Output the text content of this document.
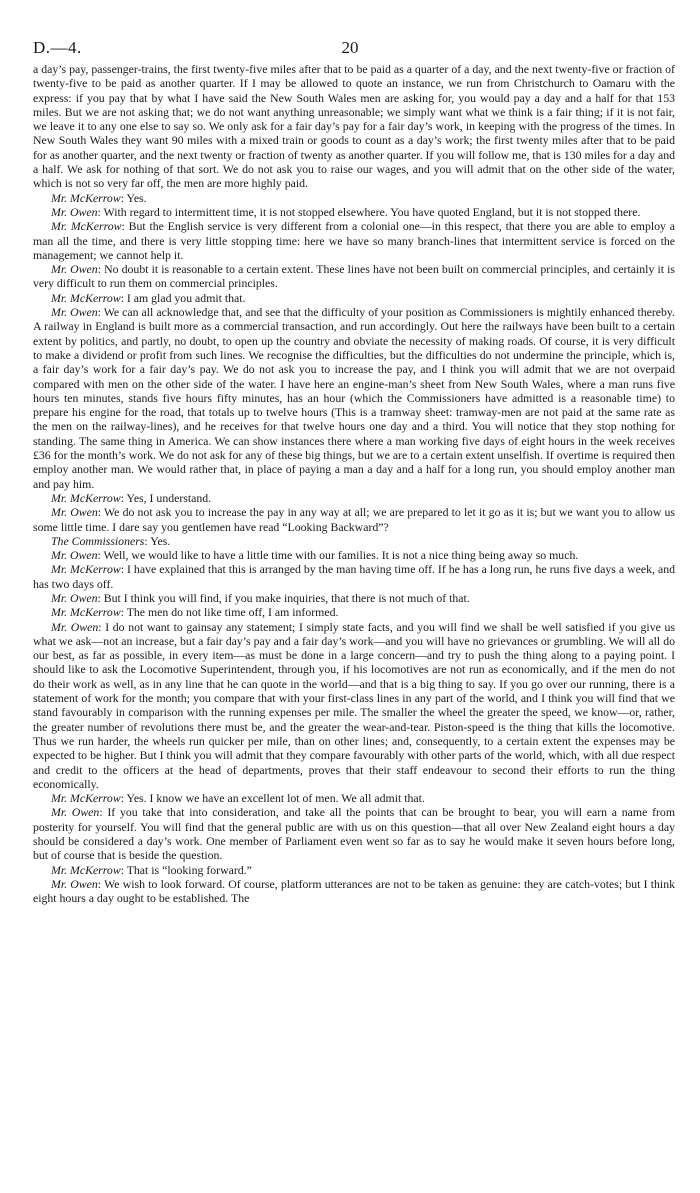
D.—4.	20

a day’s pay, passenger-trains, the first twenty-five miles after that to be paid as a quarter of a day, and the next twenty-five or fraction of twenty-five to be paid as another quarter. If I may be allowed to quote an instance, we run from Christchurch to Oamaru with the express: if you pay that by what I have said the New South Wales men are asking for, you would pay a day and a half for that 153 miles. But we are not asking that; we do not want anything unreasonable; we simply want what we think is a fair thing; if it is not fair, we leave it to any one else to say so. We only ask for a fair day’s pay for a fair day’s work, in keeping with the progress of the times. In New South Wales they want 90 miles with a mixed train or goods to count as a day’s work; the first twenty miles after that to be paid for as another quarter, and the next twenty or fraction of twenty as another quarter. If you will follow me, that is 130 miles for a day and a half. We ask for nothing of that sort. We do not ask you to raise our wages, and you will admit that on the other side of the water, which is not so very far off, the men are more highly paid.

Mr. McKerrow: Yes.

Mr. Owen: With regard to intermittent time, it is not stopped elsewhere. You have quoted England, but it is not stopped there.

Mr. McKerrow: But the English service is very different from a colonial one—in this respect, that there you are able to employ a man all the time, and there is very little stopping time: here we have so many branch-lines that intermittent service is forced on the management; we cannot help it.

Mr. Owen: No doubt it is reasonable to a certain extent. These lines have not been built on commercial principles, and certainly it is very difficult to run them on commercial principles.

Mr. McKerrow: I am glad you admit that.

Mr. Owen: We can all acknowledge that, and see that the difficulty of your position as Commissioners is mightily enhanced thereby. A railway in England is built more as a commercial transaction, and run accordingly. Out here the railways have been built to a certain extent by politics, and partly, no doubt, to open up the country and obviate the necessity of making roads. Of course, it is very difficult to make a dividend or profit from such lines. We recognise the difficulties, but the difficulties do not undermine the principle, which is, a fair day’s work for a fair day’s pay. We do not ask you to increase the pay, and I think you will admit that we are not overpaid compared with men on the other side of the water. I have here an engine-man’s sheet from New South Wales, where a man runs five hours ten minutes, stands five hours fifty minutes, has an hour (which the Commissioners have admitted is a reasonable time) to prepare his engine for the road, that totals up to twelve hours (This is a tramway sheet: tramway-men are not paid at the same rate as the men on the railway-lines), and he receives for that twelve hours one day and a third. You will notice that they stop nothing for standing. The same thing in America. We can show instances there where a man working five days of eight hours in the week receives £36 for the month’s work. We do not ask for any of these big things, but we are to a certain extent unselfish. If overtime is required then employ another man. We would rather that, in place of paying a man a day and a half for a long run, you should employ another man and pay him.

Mr. McKerrow: Yes, I understand.

Mr. Owen: We do not ask you to increase the pay in any way at all; we are prepared to let it go as it is; but we want you to allow us some little time. I dare say you gentlemen have read “Looking Backward”?

The Commissioners: Yes.

Mr. Owen: Well, we would like to have a little time with our families. It is not a nice thing being away so much.

Mr. McKerrow: I have explained that this is arranged by the man having time off. If he has a long run, he runs five days a week, and has two days off.

Mr. Owen: But I think you will find, if you make inquiries, that there is not much of that.

Mr. McKerrow: The men do not like time off, I am informed.

Mr. Owen: I do not want to gainsay any statement; I simply state facts, and you will find we shall be well satisfied if you give us what we ask—not an increase, but a fair day’s pay and a fair day’s work—and you will have no grievances or grumbling. We will all do our best, as far as possible, in every item—as must be done in a large concern—and try to push the thing along to a paying point. I should like to ask the Locomotive Superintendent, through you, if his locomotives are not run as economically, and if the men do not do their work as well, as in any line that he can quote in the world—and that is a big thing to say. If you go over our running, there is a statement of work for the month; you compare that with your first-class lines in any part of the world, and I think you will find that we stand favourably in comparison with the running expenses per mile. The smaller the wheel the greater the speed, we know—or, rather, the greater number of revolutions there must be, and the greater the wear-and-tear. Piston-speed is the thing that kills the locomotive. Thus we run harder, the wheels run quicker per mile, than on other lines; and, consequently, to a certain extent the expenses may be expected to be higher. But I think you will admit that they compare favourably with other parts of the world, which, with all due respect and credit to the officers at the head of departments, proves that their staff endeavour to second their efforts to run the thing economically.

Mr. McKerrow: Yes. I know we have an excellent lot of men. We all admit that.

Mr. Owen: If you take that into consideration, and take all the points that can be brought to bear, you will earn a name from posterity for yourself. You will find that the general public are with us on this question—that all over New Zealand eight hours a day should be considered a day’s work. One member of Parliament even went so far as to say he would make it seven hours before long, but of course that is beside the question.

Mr. McKerrow: That is “looking forward.”

Mr. Owen: We wish to look forward. Of course, platform utterances are not to be taken as genuine: they are catch-votes; but I think eight hours a day ought to be established. The
